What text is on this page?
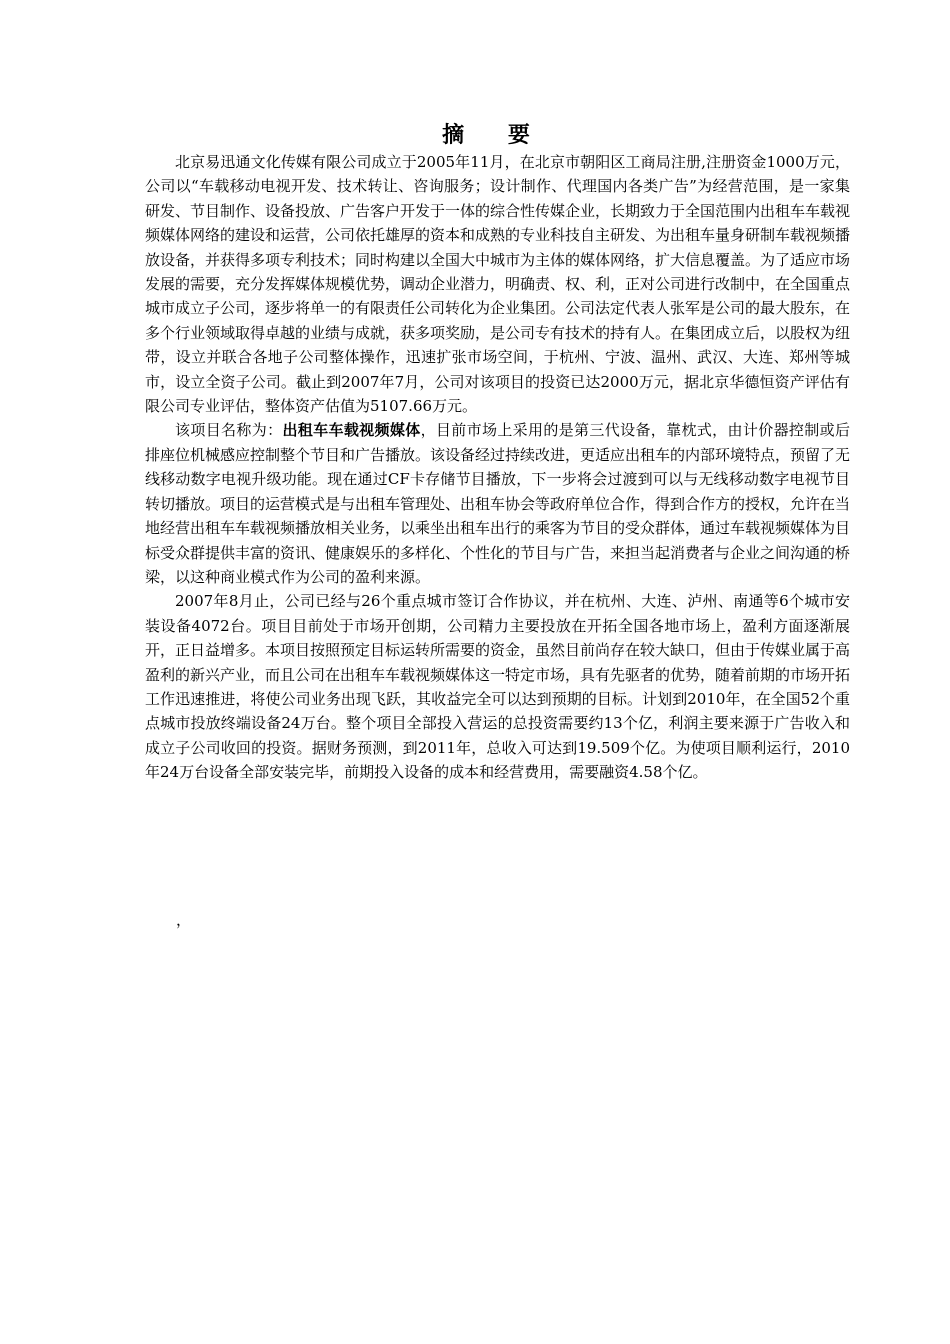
摘 要

北京易迅通文化传媒有限公司成立于2005年11月，在北京市朝阳区工商局注册,注册资金1000万元，公司以“车载移动电视开发、技术转让、咨询服务；设计制作、代理国内各类广告”为经营范围，是一家集研发、节目制作、设备投放、广告客户开发于一体的综合性传媒企业，长期致力于全国范围内出租车车载视频媒体网络的建设和运营，公司依托雄厚的资本和成熟的专业科技自主研发、为出租车量身研制车载视频播放设备，并获得多项专利技术；同时构建以全国大中城市为主体的媒体网络，扩大信息覆盖。为了适应市场发展的需要，充分发挥媒体规模优势，调动企业潜力，明确责、权、利，正对公司进行改制中，在全国重点城市成立子公司，逐步将单一的有限责任公司转化为企业集团。公司法定代表人张军是公司的最大股东，在多个行业领域取得卓越的业绩与成就，获多项奖励，是公司专有技术的持有人。在集团成立后，以股权为纽带，设立并联合各地子公司整体操作，迅速扩张市场空间，于杭州、宁波、温州、武汉、大连、郑州等城市，设立全资子公司。截止到2007年7月，公司对该项目的投资已达2000万元，据北京华德恒资产评估有限公司专业评估，整体资产估值为5107.66万元。

该项目名称为：出租车车载视频媒体，目前市场上采用的是第三代设备，靠枕式，由计价器控制或后排座位机械感应控制整个节目和广告播放。该设备经过持续改进，更适应出租车的内部环境特点，预留了无线移动数字电视升级功能。现在通过CF卡存储节目播放，下一步将会过渡到可以与无线移动数字电视节目转切播放。项目的运营模式是与出租车管理处、出租车协会等政府单位合作，得到合作方的授权，允许在当地经营出租车车载视频播放相关业务，以乘坐出租车出行的乘客为节目的受众群体，通过车载视频媒体为目标受众群提供丰富的资讯、健康娱乐的多样化、个性化的节目与广告，来担当起消费者与企业之间沟通的桥梁，以这种商业模式作为公司的盈利来源。

2007年8月止，公司已经与26个重点城市签订合作协议，并在杭州、大连、泸州、南通等6个城市安装设备4072台。项目目前处于市场开创期，公司精力主要投放在开拓全国各地市场上，盈利方面逐渐展开，正日益增多。本项目按照预定目标运转所需要的资金，虽然目前尚存在较大缺口，但由于传媒业属于高盈利的新兴产业，而且公司在出租车车载视频媒体这一特定市场，具有先驱者的优势，随着前期的市场开拓工作迅速推进，将使公司业务出现飞跃，其收益完全可以达到预期的目标。计划到2010年，在全国52个重点城市投放终端设备24万台。整个项目全部投入营运的总投资需要约13个亿，利润主要来源于广告收入和成立子公司收回的投资。据财务预测，到2011年，总收入可达到19.509个亿。为使项目顺利运行，2010年24万台设备全部安装完毕，前期投入设备的成本和经营费用，需要融资4.58个亿。

，
